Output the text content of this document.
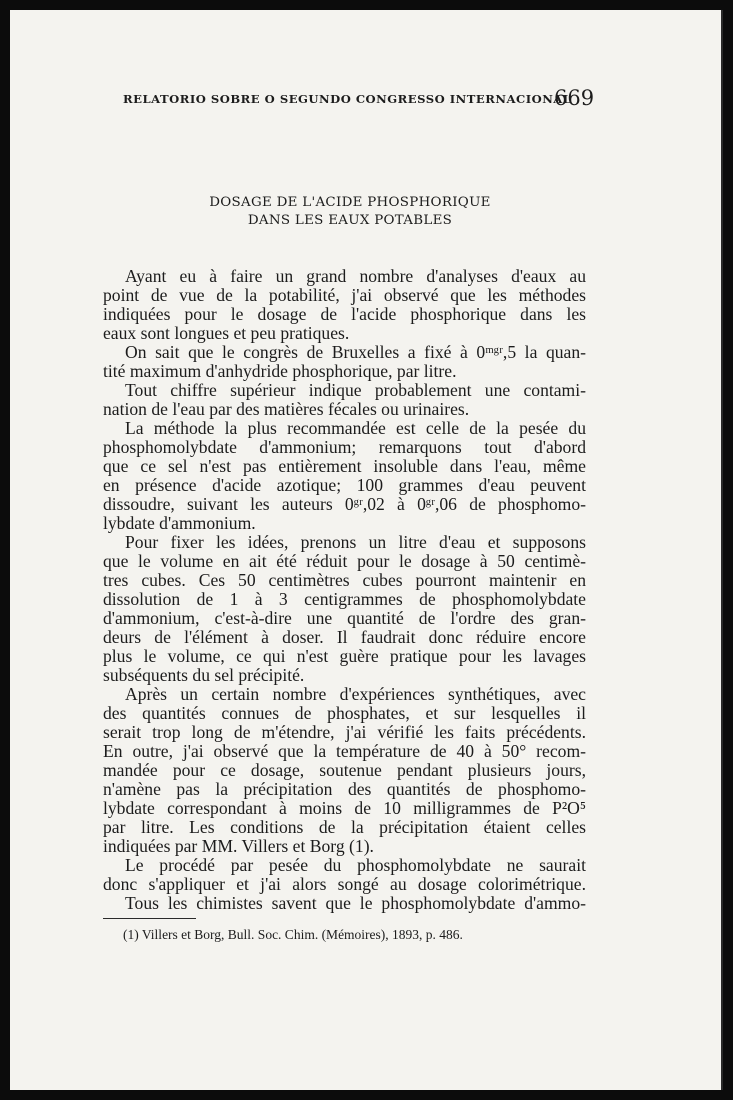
RELATORIO SOBRE O SEGUNDO CONGRESSO INTERNACIONAL
669
DOSAGE DE L'ACIDE PHOSPHORIQUE
DANS LES EAUX POTABLES
Ayant eu à faire un grand nombre d'analyses d'eaux au
point de vue de la potabilité, j'ai observé que les méthodes
indiquées pour le dosage de l'acide phosphorique dans les
eaux sont longues et peu pratiques.
On sait que le congrès de Bruxelles a fixé à 0ᵐᵍʳ,5 la quan-
tité maximum d'anhydride phosphorique, par litre.
Tout chiffre supérieur indique probablement une contami-
nation de l'eau par des matières fécales ou urinaires.
La méthode la plus recommandée est celle de la pesée du
phosphomolybdate d'ammonium; remarquons tout d'abord
que ce sel n'est pas entièrement insoluble dans l'eau, même
en présence d'acide azotique; 100 grammes d'eau peuvent
dissoudre, suivant les auteurs 0ᵍʳ,02 à 0ᵍʳ,06 de phosphomo-
lybdate d'ammonium.
Pour fixer les idées, prenons un litre d'eau et supposons
que le volume en ait été réduit pour le dosage à 50 centimè-
tres cubes. Ces 50 centimètres cubes pourront maintenir en
dissolution de 1 à 3 centigrammes de phosphomolybdate
d'ammonium, c'est-à-dire une quantité de l'ordre des gran-
deurs de l'élément à doser. Il faudrait donc réduire encore
plus le volume, ce qui n'est guère pratique pour les lavages
subséquents du sel précipité.
Après un certain nombre d'expériences synthétiques, avec
des quantités connues de phosphates, et sur lesquelles il
serait trop long de m'étendre, j'ai vérifié les faits précédents.
En outre, j'ai observé que la température de 40 à 50° recom-
mandée pour ce dosage, soutenue pendant plusieurs jours,
n'amène pas la précipitation des quantités de phosphomo-
lybdate correspondant à moins de 10 milligrammes de P²O⁵
par litre. Les conditions de la précipitation étaient celles
indiquées par MM. Villers et Borg (1).
Le procédé par pesée du phosphomolybdate ne saurait
donc s'appliquer et j'ai alors songé au dosage colorimétrique.
Tous les chimistes savent que le phosphomolybdate d'ammo-
(1) Villers et Borg, Bull. Soc. Chim. (Mémoires), 1893, p. 486.
